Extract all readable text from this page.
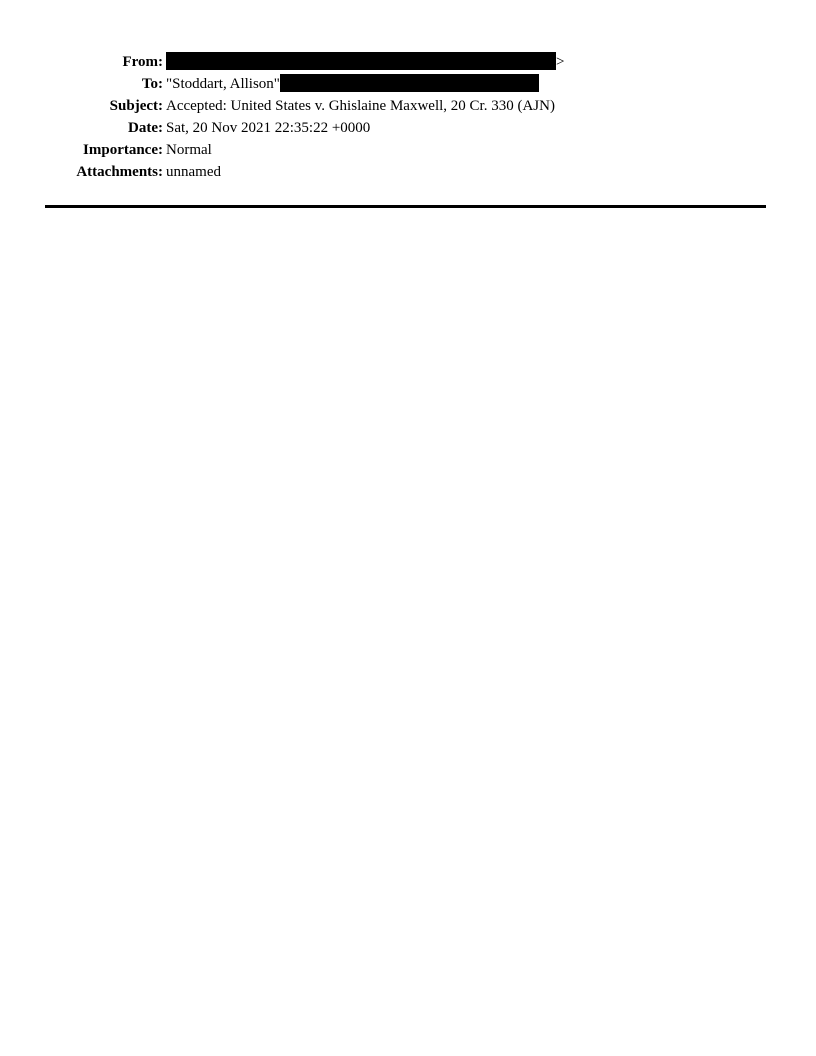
From:	>
To: "Stoddart, Allison"
Subject: Accepted: United States v. Ghislaine Maxwell, 20 Cr. 330 (AJN)
Date: Sat, 20 Nov 2021 22:35:22 +0000
Importance: Normal
Attachments: unnamed
